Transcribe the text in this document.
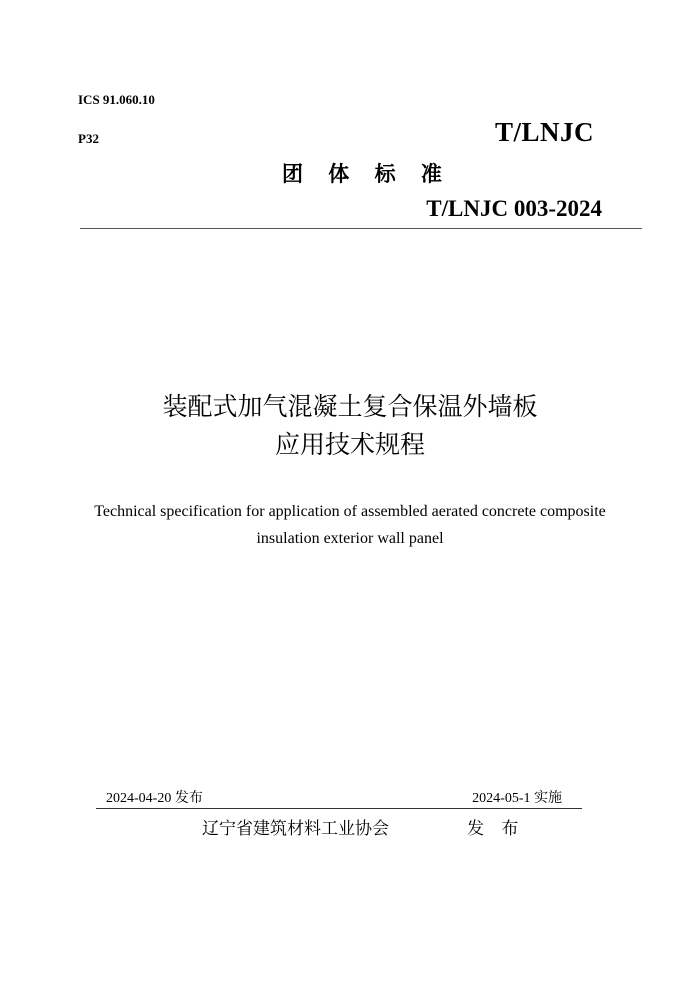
ICS 91.060.10
P32	T/LNJC
团 体 标 准
T/LNJC 003-2024
装配式加气混凝土复合保温外墙板
应用技术规程
Technical specification for application of assembled aerated concrete composite
insulation exterior wall panel
2024-04-20 发布	2024-05-1 实施
辽宁省建筑材料工业协会	发 布
